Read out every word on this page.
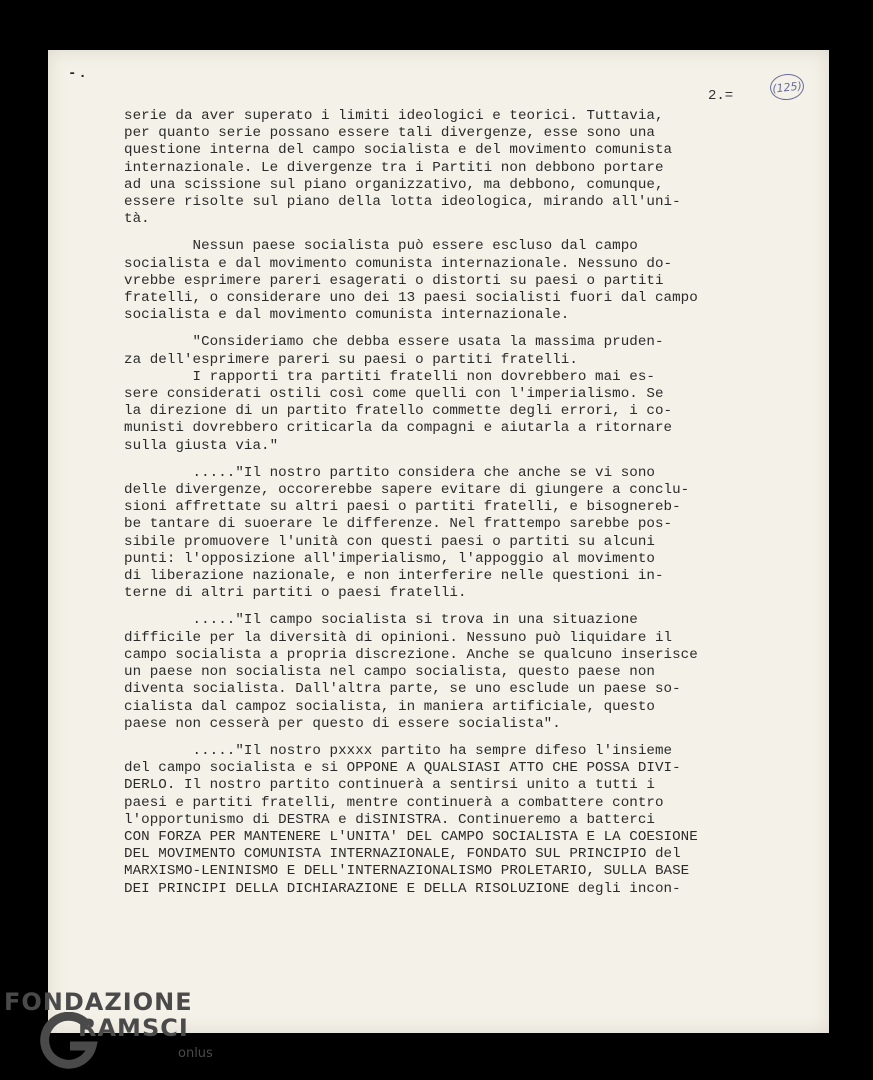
-.
2.=
(125)
serie da aver superato i limiti ideologici e teorici. Tuttavia,
per quanto serie possano essere tali divergenze, esse sono una
questione interna del campo socialista e del movimento comunista
internazionale. Le divergenze tra i Partiti non debbono portare
ad una scissione sul piano organizzativo, ma debbono, comunque,
essere risolte sul piano della lotta ideologica, mirando all'uni-
tà.
Nessun paese socialista può essere escluso dal campo
socialista e dal movimento comunista internazionale. Nessuno do-
vrebbe esprimere pareri esagerati o distorti su paesi o partiti
fratelli, o considerare uno dei 13 paesi socialisti fuori dal campo
socialista e dal movimento comunista internazionale.
"Consideriamo che debba essere usata la massima pruden-
za dell'esprimere pareri su paesi o partiti fratelli.
I rapporti tra partiti fratelli non dovrebbero mai es-
sere considerati ostili così come quelli con l'imperialismo. Se
la direzione di un partito fratello commette degli errori, i co-
munisti dovrebbero criticarla da compagni e aiutarla a ritornare
sulla giusta via."
....."Il nostro partito considera che anche se vi sono
delle divergenze, occorerebbe sapere evitare di giungere a conclu-
sioni affrettate su altri paesi o partiti fratelli, e bisognereb-
be tantare di suoerare le differenze. Nel frattempo sarebbe pos-
sibile promuovere l'unità con questi paesi o partiti su alcuni
punti: l'opposizione all'imperialismo, l'appoggio al movimento
di liberazione nazionale, e non interferire nelle questioni in-
terne di altri partiti o paesi fratelli.
....."Il campo socialista si trova in una situazione
difficile per la diversità di opinioni. Nessuno può liquidare il
campo socialista a propria discrezione. Anche se qualcuno inserisce
un paese non socialista nel campo socialista, questo paese non
diventa socialista. Dall'altra parte, se uno esclude un paese so-
cialista dal campoz socialista, in maniera artificiale, questo
paese non cesserà per questo di essere socialista".
....."Il nostro pxxxx partito ha sempre difeso l'insieme
del campo socialista e si OPPONE A QUALSIASI ATTO CHE POSSA DIVI-
DERLO. Il nostro partito continuerà a sentirsi unito a tutti i
paesi e partiti fratelli, mentre continuerà a combattere contro
l'opportunismo di DESTRA e diSINISTRA. Continueremo a batterci
CON FORZA PER MANTENERE L'UNITA' DEL CAMPO SOCIALISTA E LA COESIONE
DEL MOVIMENTO COMUNISTA INTERNAZIONALE, FONDATO SUL PRINCIPIO del
MARXISMO-LENINISMO E DELL'INTERNAZIONALISMO PROLETARIO, SULLA BASE
DEI PRINCIPI DELLA DICHIARAZIONE E DELLA RISOLUZIONE degli incon-
FONDAZIONE
RAMSCI
onlus
